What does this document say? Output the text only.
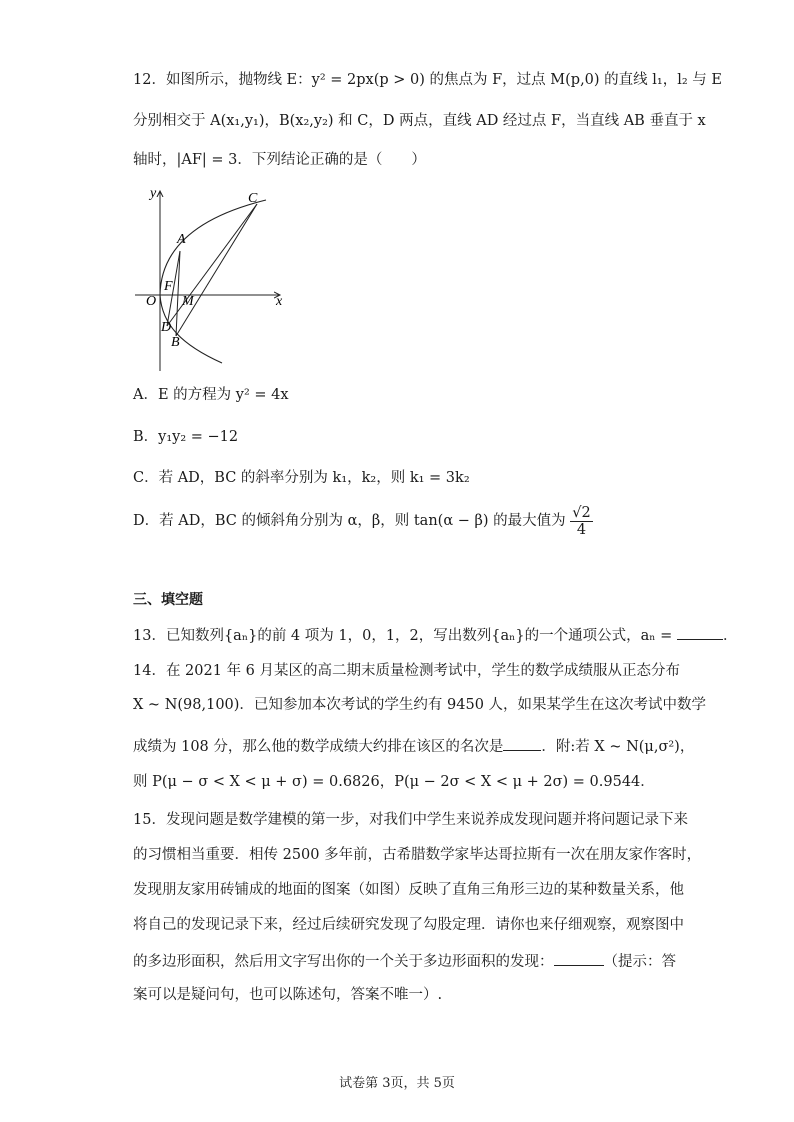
12．如图所示，抛物线 E：y² = 2px(p > 0) 的焦点为 F，过点 M(p,0) 的直线 l₁，l₂ 与 E
分别相交于 A(x₁,y₁)，B(x₂,y₂) 和 C，D 两点，直线 AD 经过点 F，当直线 AB 垂直于 x
轴时，|AF| = 3．下列结论正确的是（　　）
y
x
O
A
C
F
M
D
B
A．E 的方程为 y² = 4x
B．y₁y₂ = −12
C．若 AD，BC 的斜率分别为 k₁，k₂，则 k₁ = 3k₂
D．若 AD，BC 的倾斜角分别为 α，β，则 tan(α − β) 的最大值为 $\frac{√2}{4}$
三、填空题
13．已知数列{aₙ}的前 4 项为 1，0，1，2，写出数列{aₙ}的一个通项公式，aₙ =	．
14．在 2021 年 6 月某区的高二期末质量检测考试中，学生的数学成绩服从正态分布
X ~ N(98,100)．已知参加本次考试的学生约有 9450 人，如果某学生在这次考试中数学
成绩为 108 分，那么他的数学成绩大约排在该区的名次是	．附:若 X ~ N(μ,σ²)，
则 P(μ − σ < X < μ + σ) = 0.6826，P(μ − 2σ < X < μ + 2σ) = 0.9544．
15．发现问题是数学建模的第一步，对我们中学生来说养成发现问题并将问题记录下来
的习惯相当重要．相传 2500 多年前，古希腊数学家毕达哥拉斯有一次在朋友家作客时，
发现朋友家用砖铺成的地面的图案（如图）反映了直角三角形三边的某种数量关系，他
将自己的发现记录下来，经过后续研究发现了勾股定理．请你也来仔细观察，观察图中
的多边形面积，然后用文字写出你的一个关于多边形面积的发现：	（提示：答
案可以是疑问句，也可以陈述句，答案不唯一）.
试卷第 3页，共 5页
